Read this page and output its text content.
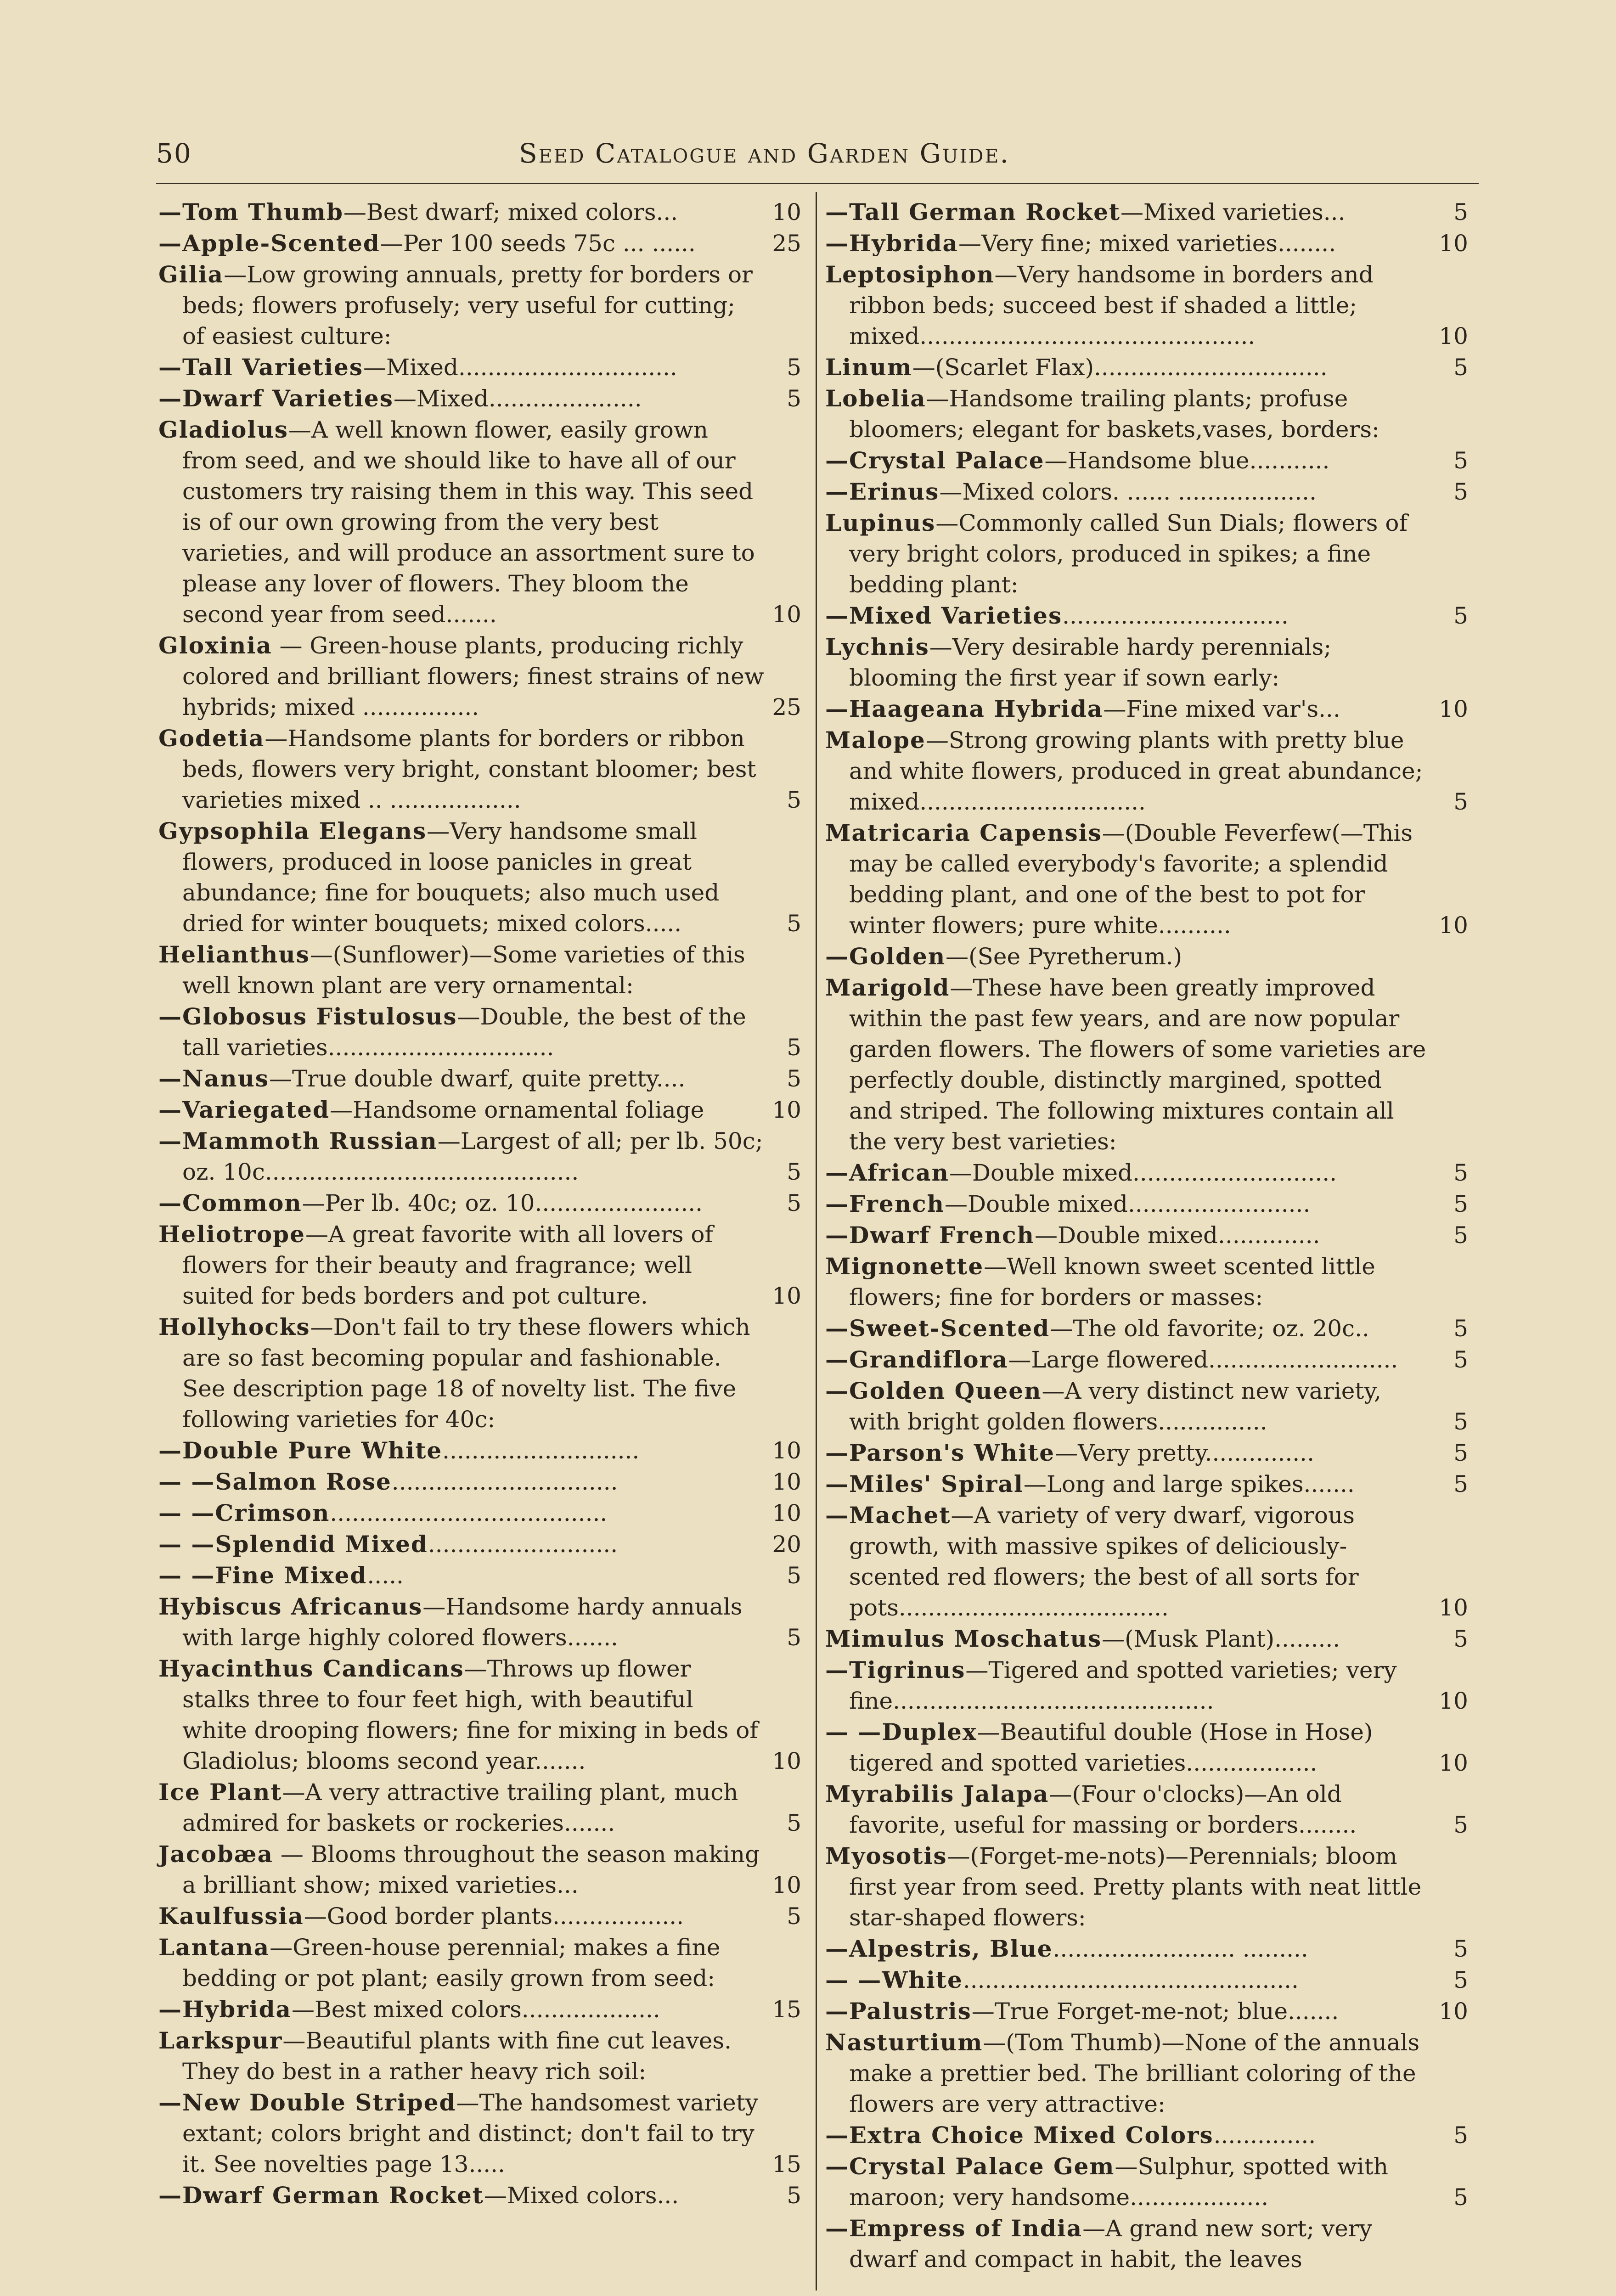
50	Seed Catalogue and Garden Guide.
—Tom Thumb—Best dwarf; mixed colors...	10
—Apple-Scented—Per 100 seeds 75c ... ......	25
Gilia—Low growing annuals, pretty for borders or beds; flowers profusely; very useful for cutting; of easiest culture:
—Tall Varieties—Mixed..............................	5
—Dwarf Varieties—Mixed.....................	5
Gladiolus—A well known flower, easily grown from seed, and we should like to have all of our customers try raising them in this way. This seed is of our own growing from the very best varieties, and will produce an assortment sure to please any lover of flowers. They bloom the second year from seed.......	10
Gloxinia — Green-house plants, producing richly colored and brilliant flowers; finest strains of new hybrids; mixed ................	25
Godetia—Handsome plants for borders or ribbon beds, flowers very bright, constant bloomer; best varieties mixed .. ..................	5
Gypsophila Elegans—Very handsome small flowers, produced in loose panicles in great abundance; fine for bouquets; also much used dried for winter bouquets; mixed colors.....	5
Helianthus—(Sunflower)—Some varieties of this well known plant are very ornamental:
—Globosus Fistulosus—Double, the best of the tall varieties...............................	5
—Nanus—True double dwarf, quite pretty....	5
—Variegated—Handsome ornamental foliage	10
—Mammoth Russian—Largest of all; per lb. 50c; oz. 10c...........................................	5
—Common—Per lb. 40c; oz. 10.......................	5
Heliotrope—A great favorite with all lovers of flowers for their beauty and fragrance; well suited for beds borders and pot culture.	10
Hollyhocks—Don't fail to try these flowers which are so fast becoming popular and fashionable. See description page 18 of novelty list. The five following varieties for 40c:
—Double Pure White...........................	10
— —Salmon Rose...............................	10
— —Crimson......................................	10
— —Splendid Mixed..........................	20
— —Fine Mixed.....	5
Hybiscus Africanus—Handsome hardy annuals with large highly colored flowers.......	5
Hyacinthus Candicans—Throws up flower stalks three to four feet high, with beautiful white drooping flowers; fine for mixing in beds of Gladiolus; blooms second year.......	10
Ice Plant—A very attractive trailing plant, much admired for baskets or rockeries.......	5
Jacobæa — Blooms throughout the season making a brilliant show; mixed varieties...	10
Kaulfussia—Good border plants..................	5
Lantana—Green-house perennial; makes a fine bedding or pot plant; easily grown from seed:
—Hybrida—Best mixed colors...................	15
Larkspur—Beautiful plants with fine cut leaves. They do best in a rather heavy rich soil:
—New Double Striped—The handsomest variety extant; colors bright and distinct; don't fail to try it. See novelties page 13.....	15
—Dwarf German Rocket—Mixed colors...	5
—Tall German Rocket—Mixed varieties...	5
—Hybrida—Very fine; mixed varieties........	10
Leptosiphon—Very handsome in borders and ribbon beds; succeed best if shaded a little; mixed..............................................	10
Linum—(Scarlet Flax)................................	5
Lobelia—Handsome trailing plants; profuse bloomers; elegant for baskets,vases, borders:
—Crystal Palace—Handsome blue...........	5
—Erinus—Mixed colors. ...... ...................	5
Lupinus—Commonly called Sun Dials; flowers of very bright colors, produced in spikes; a fine bedding plant:
—Mixed Varieties...............................	5
Lychnis—Very desirable hardy perennials; blooming the first year if sown early:
—Haageana Hybrida—Fine mixed var's...	10
Malope—Strong growing plants with pretty blue and white flowers, produced in great abundance; mixed...............................	5
Matricaria Capensis—(Double Feverfew(—This may be called everybody's favorite; a splendid bedding plant, and one of the best to pot for winter flowers; pure white..........	10
—Golden—(See Pyretherum.)
Marigold—These have been greatly improved within the past few years, and are now popular garden flowers. The flowers of some varieties are perfectly double, distinctly margined, spotted and striped. The following mixtures contain all the very best varieties:
—African—Double mixed............................	5
—French—Double mixed.........................	5
—Dwarf French—Double mixed..............	5
Mignonette—Well known sweet scented little flowers; fine for borders or masses:
—Sweet-Scented—The old favorite; oz. 20c..	5
—Grandiflora—Large flowered..........................	5
—Golden Queen—A very distinct new variety, with bright golden flowers...............	5
—Parson's White—Very pretty...............	5
—Miles' Spiral—Long and large spikes.......	5
—Machet—A variety of very dwarf, vigorous growth, with massive spikes of deliciously-scented red flowers; the best of all sorts for pots.....................................	10
Mimulus Moschatus—(Musk Plant).........	5
—Tigrinus—Tigered and spotted varieties; very fine............................................	10
— —Duplex—Beautiful double (Hose in Hose) tigered and spotted varieties..................	10
Myrabilis Jalapa—(Four o'clocks)—An old favorite, useful for massing or borders........	5
Myosotis—(Forget-me-nots)—Perennials; bloom first year from seed. Pretty plants with neat little star-shaped flowers:
—Alpestris, Blue......................... .........	5
— —White..............................................	5
—Palustris—True Forget-me-not; blue.......	10
Nasturtium—(Tom Thumb)—None of the annuals make a prettier bed. The brilliant coloring of the flowers are very attractive:
—Extra Choice Mixed Colors..............	5
—Crystal Palace Gem—Sulphur, spotted with maroon; very handsome...................	5
—Empress of India—A grand new sort; very dwarf and compact in habit, the leaves
